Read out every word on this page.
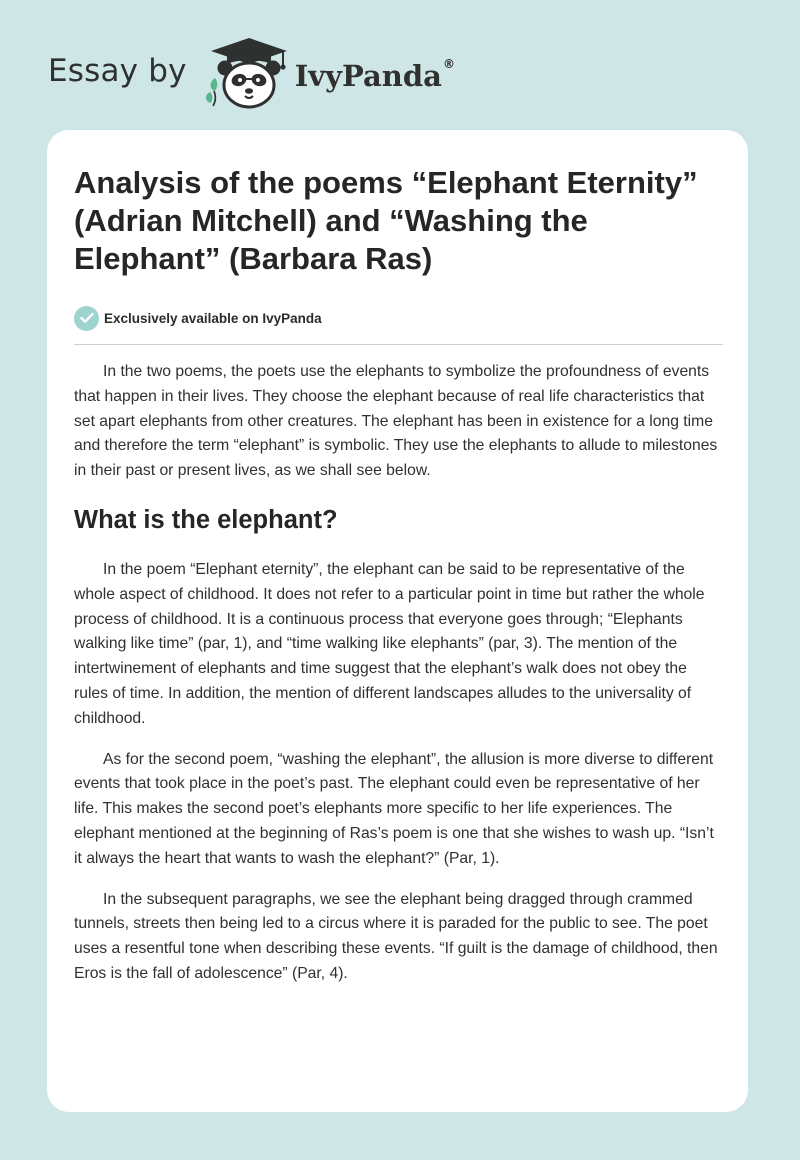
Essay by	IvyPanda®
Analysis of the poems “Elephant Eternity” (Adrian Mitchell) and “Washing the Elephant” (Barbara Ras)
Exclusively available on IvyPanda

In the two poems, the poets use the elephants to symbolize the profoundness of events that happen in their lives. They choose the elephant because of real life characteristics that set apart elephants from other creatures. The elephant has been in existence for a long time and therefore the term “elephant” is symbolic. They use the elephants to allude to milestones in their past or present lives, as we shall see below.

What is the elephant?

In the poem “Elephant eternity”, the elephant can be said to be representative of the whole aspect of childhood. It does not refer to a particular point in time but rather the whole process of childhood. It is a continuous process that everyone goes through; “Elephants walking like time” (par, 1), and “time walking like elephants” (par, 3). The mention of the intertwinement of elephants and time suggest that the elephant’s walk does not obey the rules of time. In addition, the mention of different landscapes alludes to the universality of childhood.

As for the second poem, “washing the elephant”, the allusion is more diverse to different events that took place in the poet’s past. The elephant could even be representative of her life. This makes the second poet’s elephants more specific to her life experiences. The elephant mentioned at the beginning of Ras’s poem is one that she wishes to wash up. “Isn’t it always the heart that wants to wash the elephant?” (Par, 1).

In the subsequent paragraphs, we see the elephant being dragged through crammed tunnels, streets then being led to a circus where it is paraded for the public to see. The poet uses a resentful tone when describing these events. “If guilt is the damage of childhood, then Eros is the fall of adolescence” (Par, 4).
